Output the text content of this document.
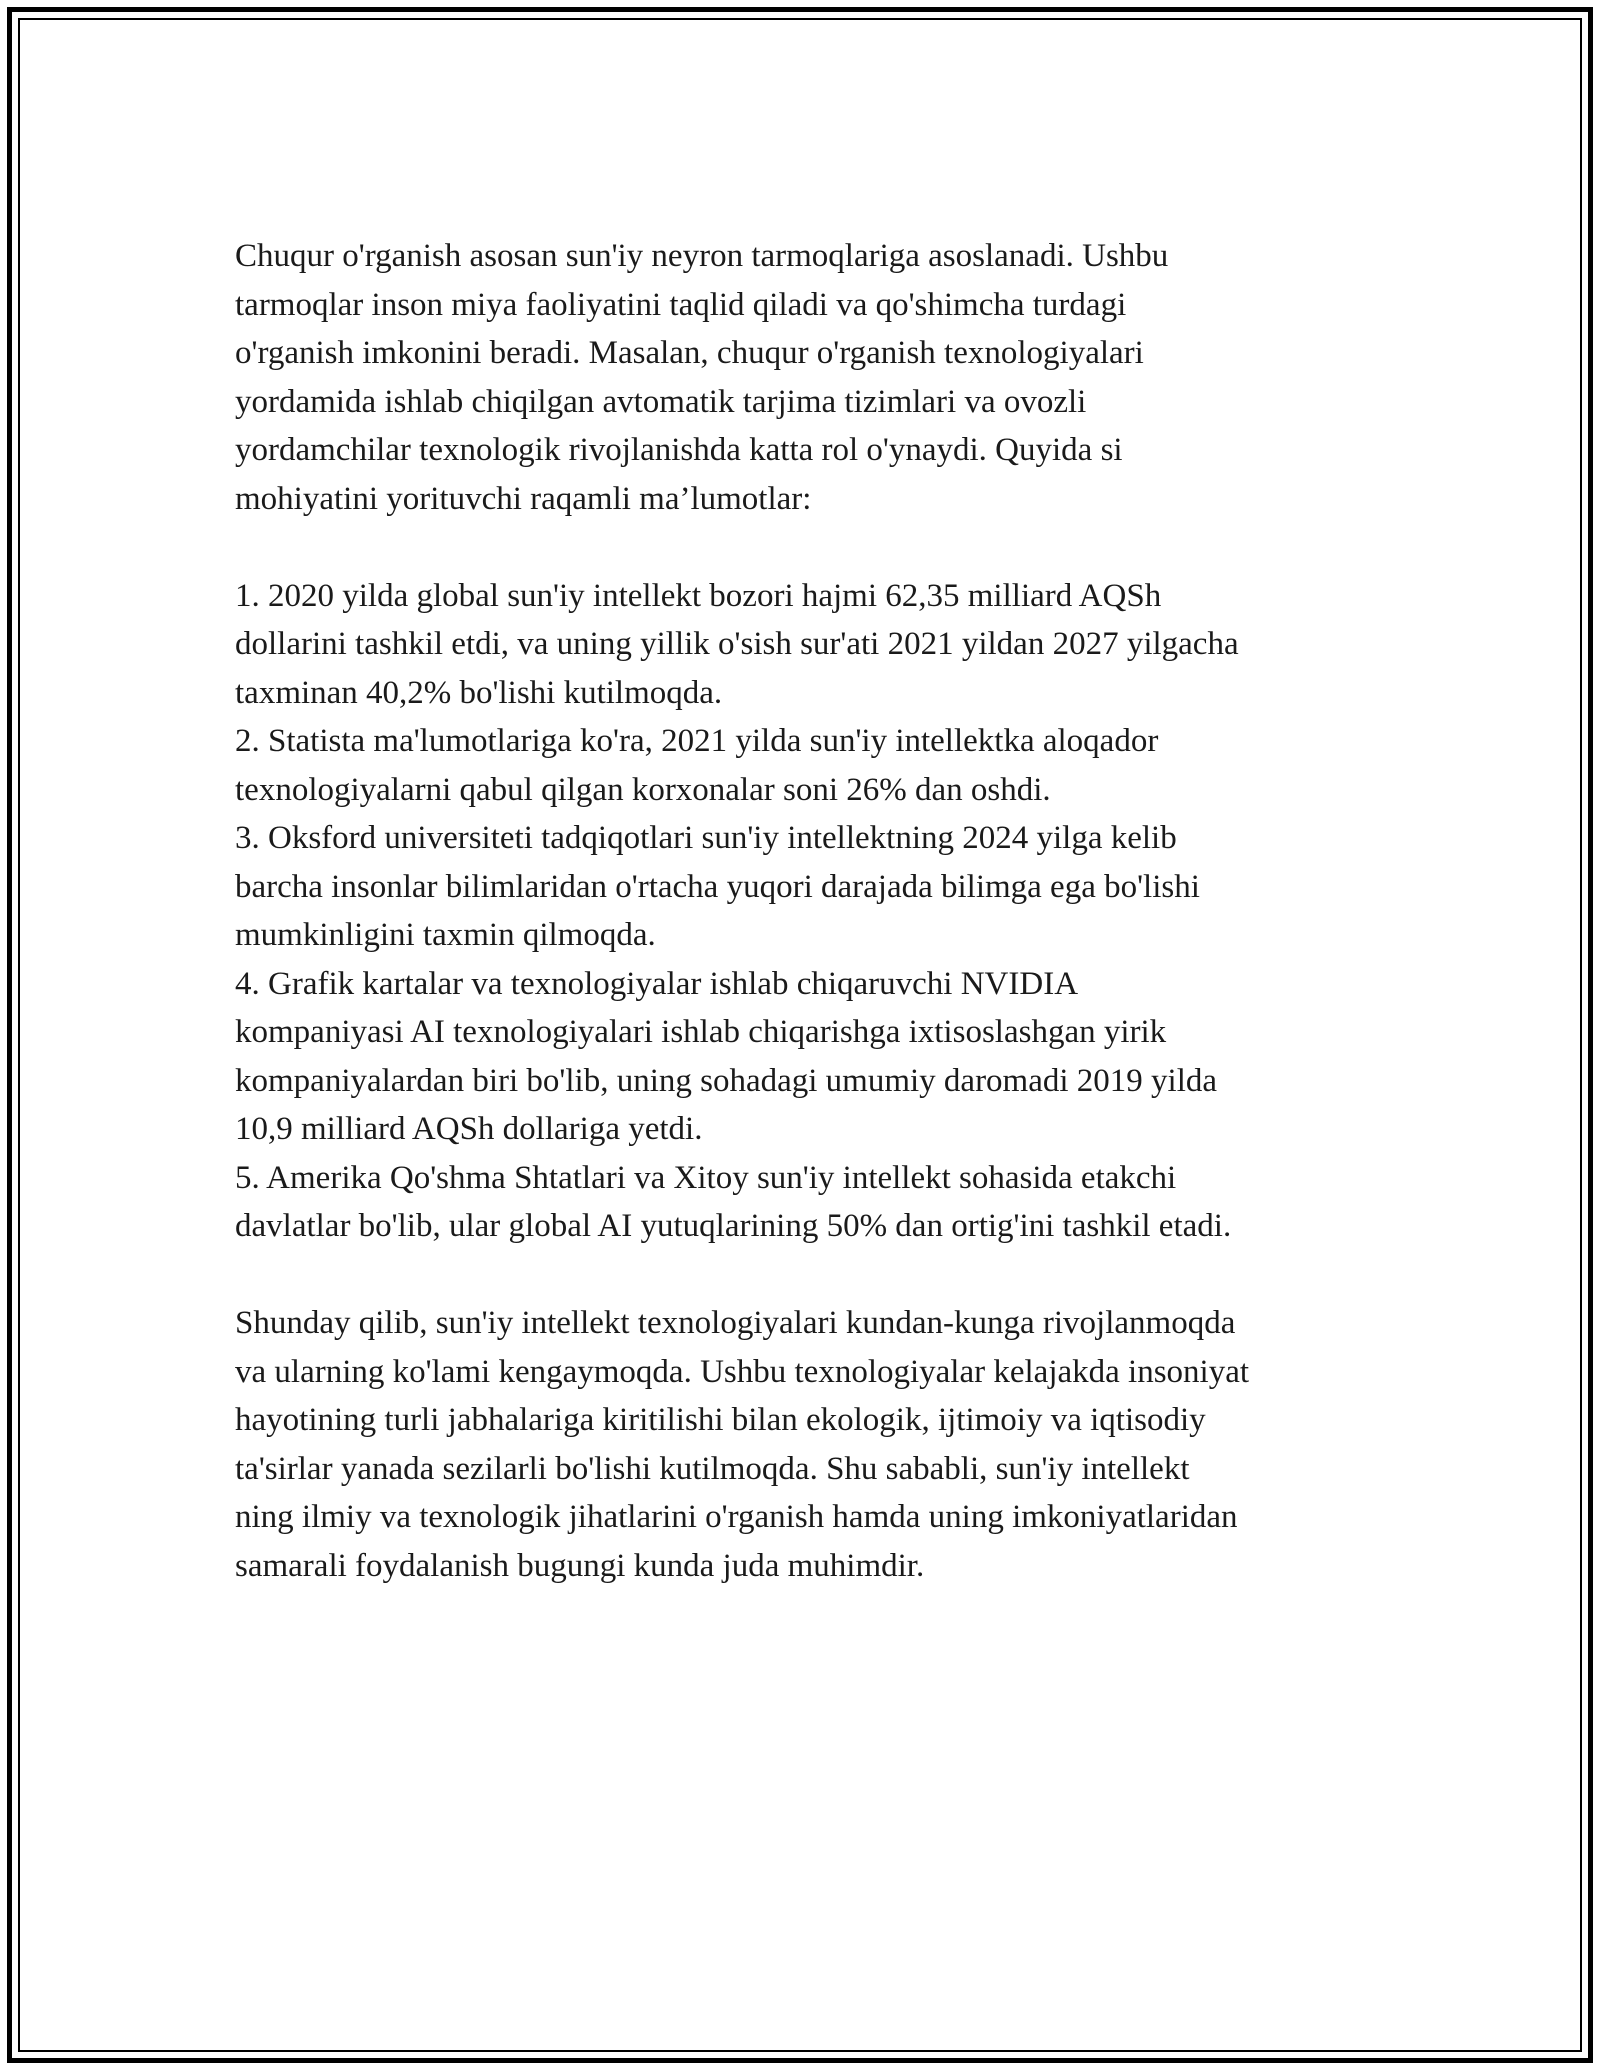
Chuqur o'rganish asosan sun'iy neyron tarmoqlariga asoslanadi. Ushbu
tarmoqlar inson miya faoliyatini taqlid qiladi va qo'shimcha turdagi
o'rganish imkonini beradi. Masalan, chuqur o'rganish texnologiyalari
yordamida ishlab chiqilgan avtomatik tarjima tizimlari va ovozli
yordamchilar texnologik rivojlanishda katta rol o'ynaydi. Quyida si
mohiyatini yorituvchi raqamli ma’lumotlar:

1. 2020 yilda global sun'iy intellekt bozori hajmi 62,35 milliard AQSh
dollarini tashkil etdi, va uning yillik o'sish sur'ati 2021 yildan 2027 yilgacha
taxminan 40,2% bo'lishi kutilmoqda.
2. Statista ma'lumotlariga ko'ra, 2021 yilda sun'iy intellektka aloqador
texnologiyalarni qabul qilgan korxonalar soni 26% dan oshdi.
3. Oksford universiteti tadqiqotlari sun'iy intellektning 2024 yilga kelib
barcha insonlar bilimlaridan o'rtacha yuqori darajada bilimga ega bo'lishi
mumkinligini taxmin qilmoqda.
4. Grafik kartalar va texnologiyalar ishlab chiqaruvchi NVIDIA
kompaniyasi AI texnologiyalari ishlab chiqarishga ixtisoslashgan yirik
kompaniyalardan biri bo'lib, uning sohadagi umumiy daromadi 2019 yilda
10,9 milliard AQSh dollariga yetdi.
5. Amerika Qo'shma Shtatlari va Xitoy sun'iy intellekt sohasida etakchi
davlatlar bo'lib, ular global AI yutuqlarining 50% dan ortig'ini tashkil etadi.

Shunday qilib, sun'iy intellekt texnologiyalari kundan-kunga rivojlanmoqda
va ularning ko'lami kengaymoqda. Ushbu texnologiyalar kelajakda insoniyat
hayotining turli jabhalariga kiritilishi bilan ekologik, ijtimoiy va iqtisodiy
ta'sirlar yanada sezilarli bo'lishi kutilmoqda. Shu sababli, sun'iy intellekt
ning ilmiy va texnologik jihatlarini o'rganish hamda uning imkoniyatlaridan
samarali foydalanish bugungi kunda juda muhimdir.
